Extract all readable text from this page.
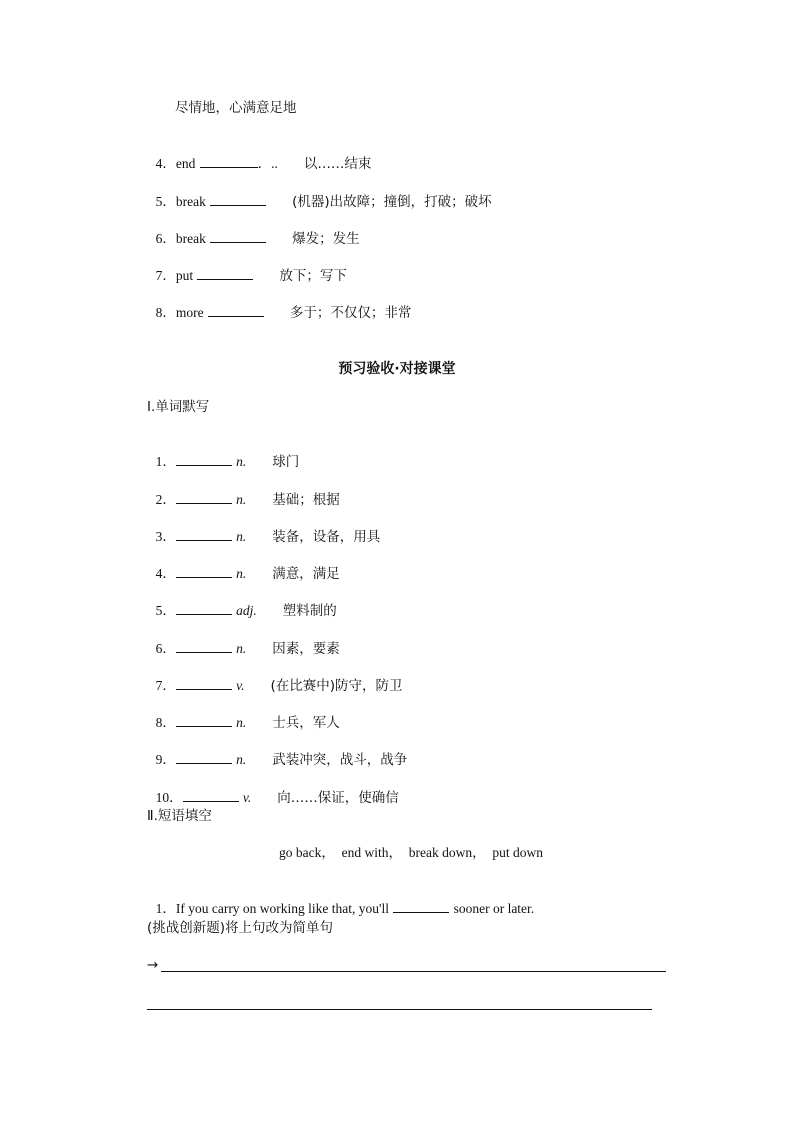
尽情地，心满意足地

4．end	．.. 以……结束

5．break	(机器)出故障；撞倒，打破；破坏

6．break	爆发；发生

7．put	放下；写下

8．more	多于；不仅仅；非常

预习验收·对接课堂
Ⅰ.单词默写

1．	n. 球门

2．	n. 基础；根据

3．	n. 装备，设备，用具

4．	n. 满意，满足

5．	adj. 塑料制的

6．	n. 因素，要素

7．	v. (在比赛中)防守，防卫

8．	n. 士兵，军人

9．	n. 武装冲突，战斗，战争

10．	v. 向……保证，使确信

Ⅱ.短语填空
go back，  end with，  break down，  put down

1．If you carry on working like that, you'll	sooner or later.

(挑战创新题)将上句改为简单句
→
